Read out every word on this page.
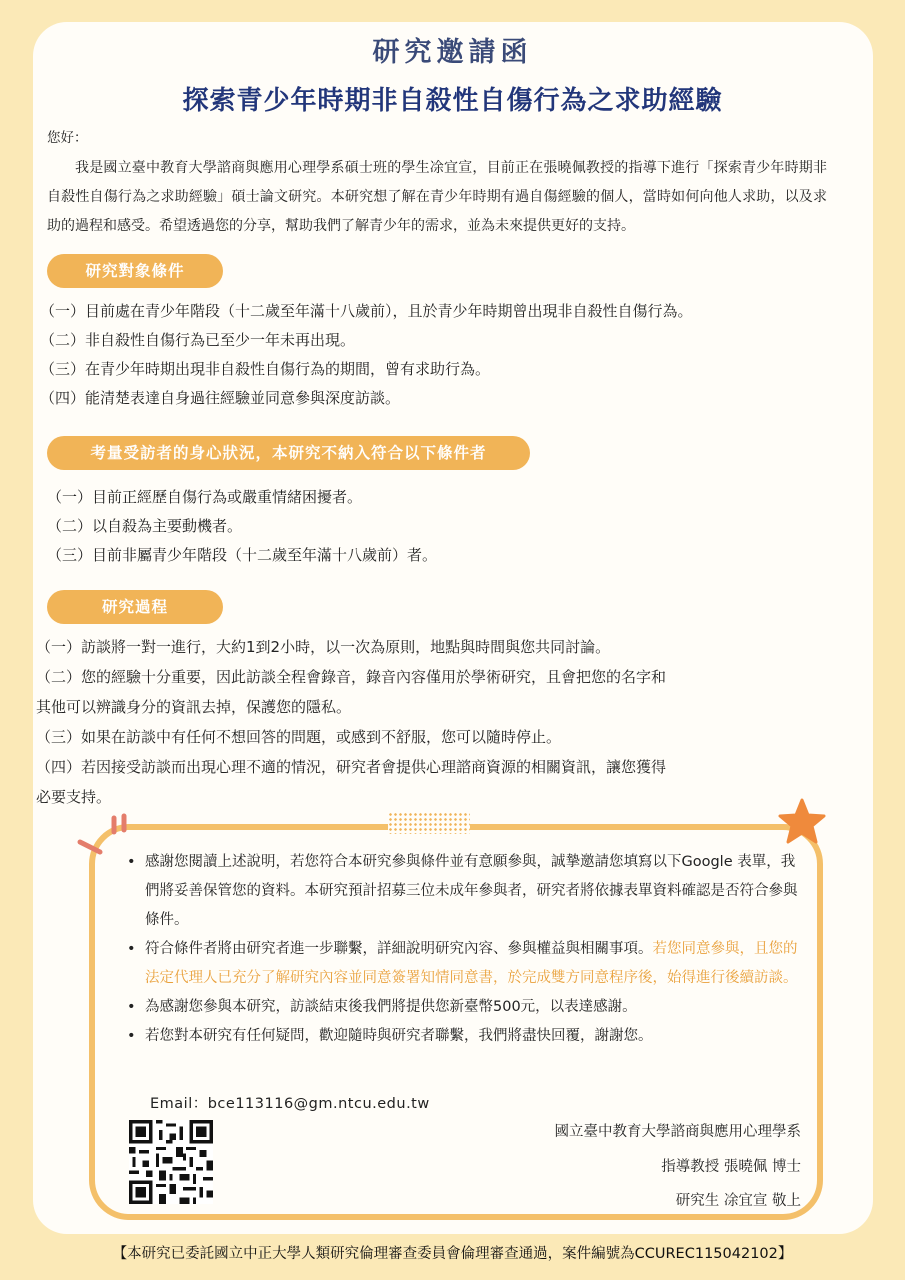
研究邀請函
探索青少年時期非自殺性自傷行為之求助經驗
您好：

我是國立臺中教育大學諮商與應用心理學系碩士班的學生凃宜宣，目前正在張曉佩教授的指導下進行「探索青少年時期非自殺性自傷行為之求助經驗」碩士論文研究。本研究想了解在青少年時期有過自傷經驗的個人，當時如何向他人求助，以及求助的過程和感受。希望透過您的分享，幫助我們了解青少年的需求，並為未來提供更好的支持。

研究對象條件
（一）目前處在青少年階段（十二歲至年滿十八歲前），且於青少年時期曾出現非自殺性自傷行為。
（二）非自殺性自傷行為已至少一年未再出現。
（三）在青少年時期出現非自殺性自傷行為的期間，曾有求助行為。
（四）能清楚表達自身過往經驗並同意參與深度訪談。
考量受訪者的身心狀況，本研究不納入符合以下條件者
（一）目前正經歷自傷行為或嚴重情緒困擾者。
（二）以自殺為主要動機者。
（三）目前非屬青少年階段（十二歲至年滿十八歲前）者。
研究過程
（一）訪談將一對一進行，大約1到2小時，以一次為原則，地點與時間與您共同討論。
（二）您的經驗十分重要，因此訪談全程會錄音，錄音內容僅用於學術研究，且會把您的名字和
其他可以辨識身分的資訊去掉，保護您的隱私。
（三）如果在訪談中有任何不想回答的問題，或感到不舒服，您可以隨時停止。
（四）若因接受訪談而出現心理不適的情況，研究者會提供心理諮商資源的相關資訊，讓您獲得
必要支持。
• 感謝您閱讀上述說明，若您符合本研究參與條件並有意願參與，誠摯邀請您填寫以下Google 表單，我們將妥善保管您的資料。本研究預計招募三位未成年參與者，研究者將依據表單資料確認是否符合參與條件。
• 符合條件者將由研究者進一步聯繫，詳細說明研究內容、參與權益與相關事項。若您同意參與，且您的法定代理人已充分了解研究內容並同意簽署知情同意書，於完成雙方同意程序後，始得進行後續訪談。
• 為感謝您參與本研究，訪談結束後我們將提供您新臺幣500元，以表達感謝。
• 若您對本研究有任何疑問，歡迎隨時與研究者聯繫，我們將盡快回覆，謝謝您。
Email：bce113116@gm.ntcu.edu.tw
國立臺中教育大學諮商與應用心理學系
指導教授 張曉佩 博士
研究生 凃宜宣 敬上
【本研究已委託國立中正大學人類研究倫理審查委員會倫理審查通過，案件編號為CCUREC115042102】
